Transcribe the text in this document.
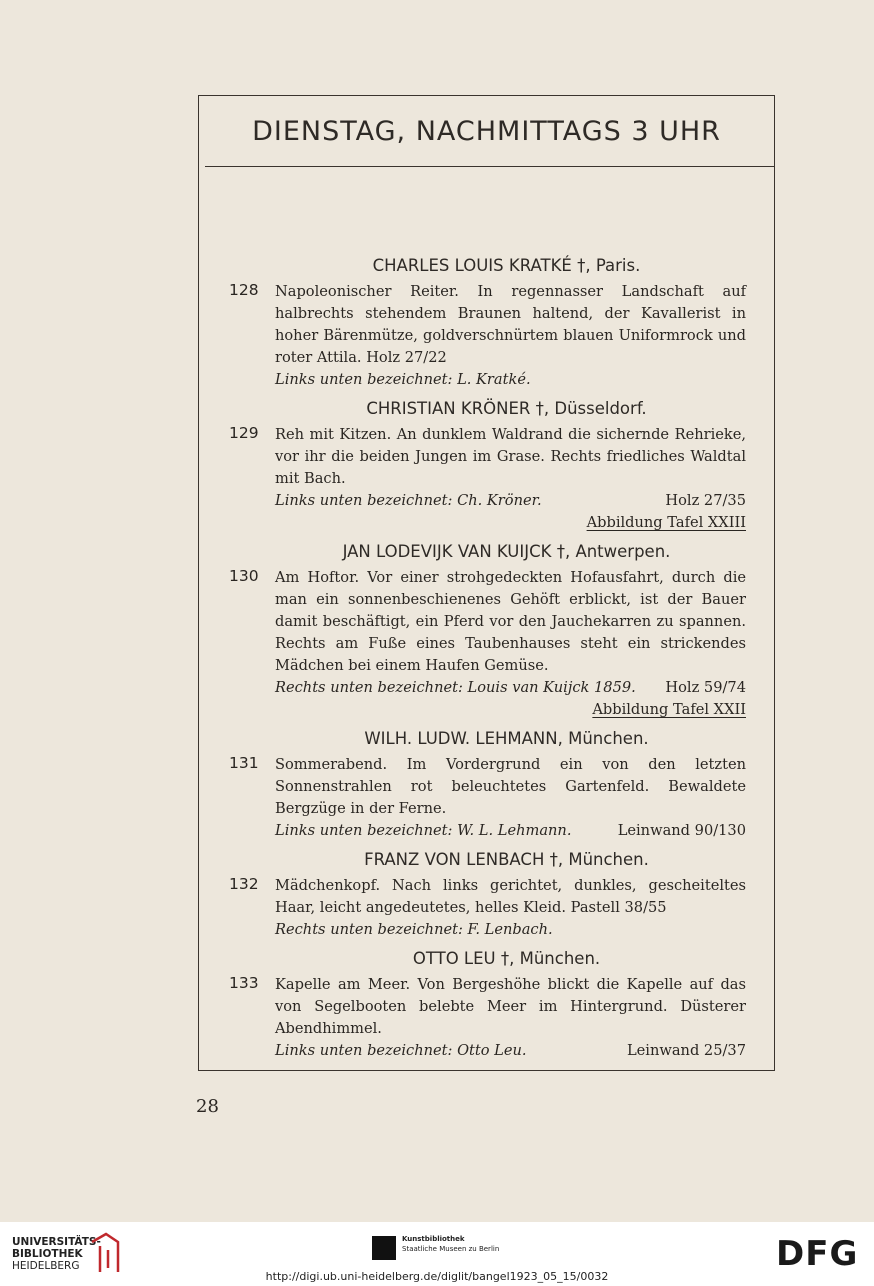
DIENSTAG, NACHMITTAGS 3 UHR
CHARLES LOUIS KRATKÉ †, Paris.
128 Napoleonischer Reiter. In regennasser Landschaft auf halbrechts stehendem Braunen haltend, der Kavallerist in hoher Bärenmütze, goldverschnürtem blauen Uniformrock und roter Attila. Holz 27/22
Links unten bezeichnet: L. Kratké.
CHRISTIAN KRÖNER †, Düsseldorf.
129 Reh mit Kitzen. An dunklem Waldrand die sichernde Rehrieke, vor ihr die beiden Jungen im Grase. Rechts friedliches Waldtal mit Bach.
Links unten bezeichnet: Ch. Kröner.	Holz 27/35
Abbildung Tafel XXIII
JAN LODEVIJK VAN KUIJCK †, Antwerpen.
130 Am Hoftor. Vor einer strohgedeckten Hofausfahrt, durch die man ein sonnenbeschienenes Gehöft erblickt, ist der Bauer damit beschäftigt, ein Pferd vor den Jauchekarren zu spannen. Rechts am Fuße eines Taubenhauses steht ein strickendes Mädchen bei einem Haufen Gemüse.
Rechts unten bezeichnet: Louis van Kuijck 1859. Holz 59/74
Abbildung Tafel XXII
WILH. LUDW. LEHMANN, München.
131 Sommerabend. Im Vordergrund ein von den letzten Sonnenstrahlen rot beleuchtetes Gartenfeld. Bewaldete Bergzüge in der Ferne.
Links unten bezeichnet: W. L. Lehmann.	Leinwand 90/130
FRANZ VON LENBACH †, München.
132 Mädchenkopf. Nach links gerichtet, dunkles, gescheiteltes Haar, leicht angedeutetes, helles Kleid. Pastell 38/55
Rechts unten bezeichnet: F. Lenbach.
OTTO LEU †, München.
133 Kapelle am Meer. Von Bergeshöhe blickt die Kapelle auf das von Segelbooten belebte Meer im Hintergrund. Düsterer Abendhimmel.
Links unten bezeichnet: Otto Leu.	Leinwand 25/37
28
UNIVERSITÄTS-
BIBLIOTHEK
HEIDELBERG
Kunstbibliothek
Staatliche Museen zu Berlin	DFG
http://digi.ub.uni-heidelberg.de/diglit/bangel1923_05_15/0032
